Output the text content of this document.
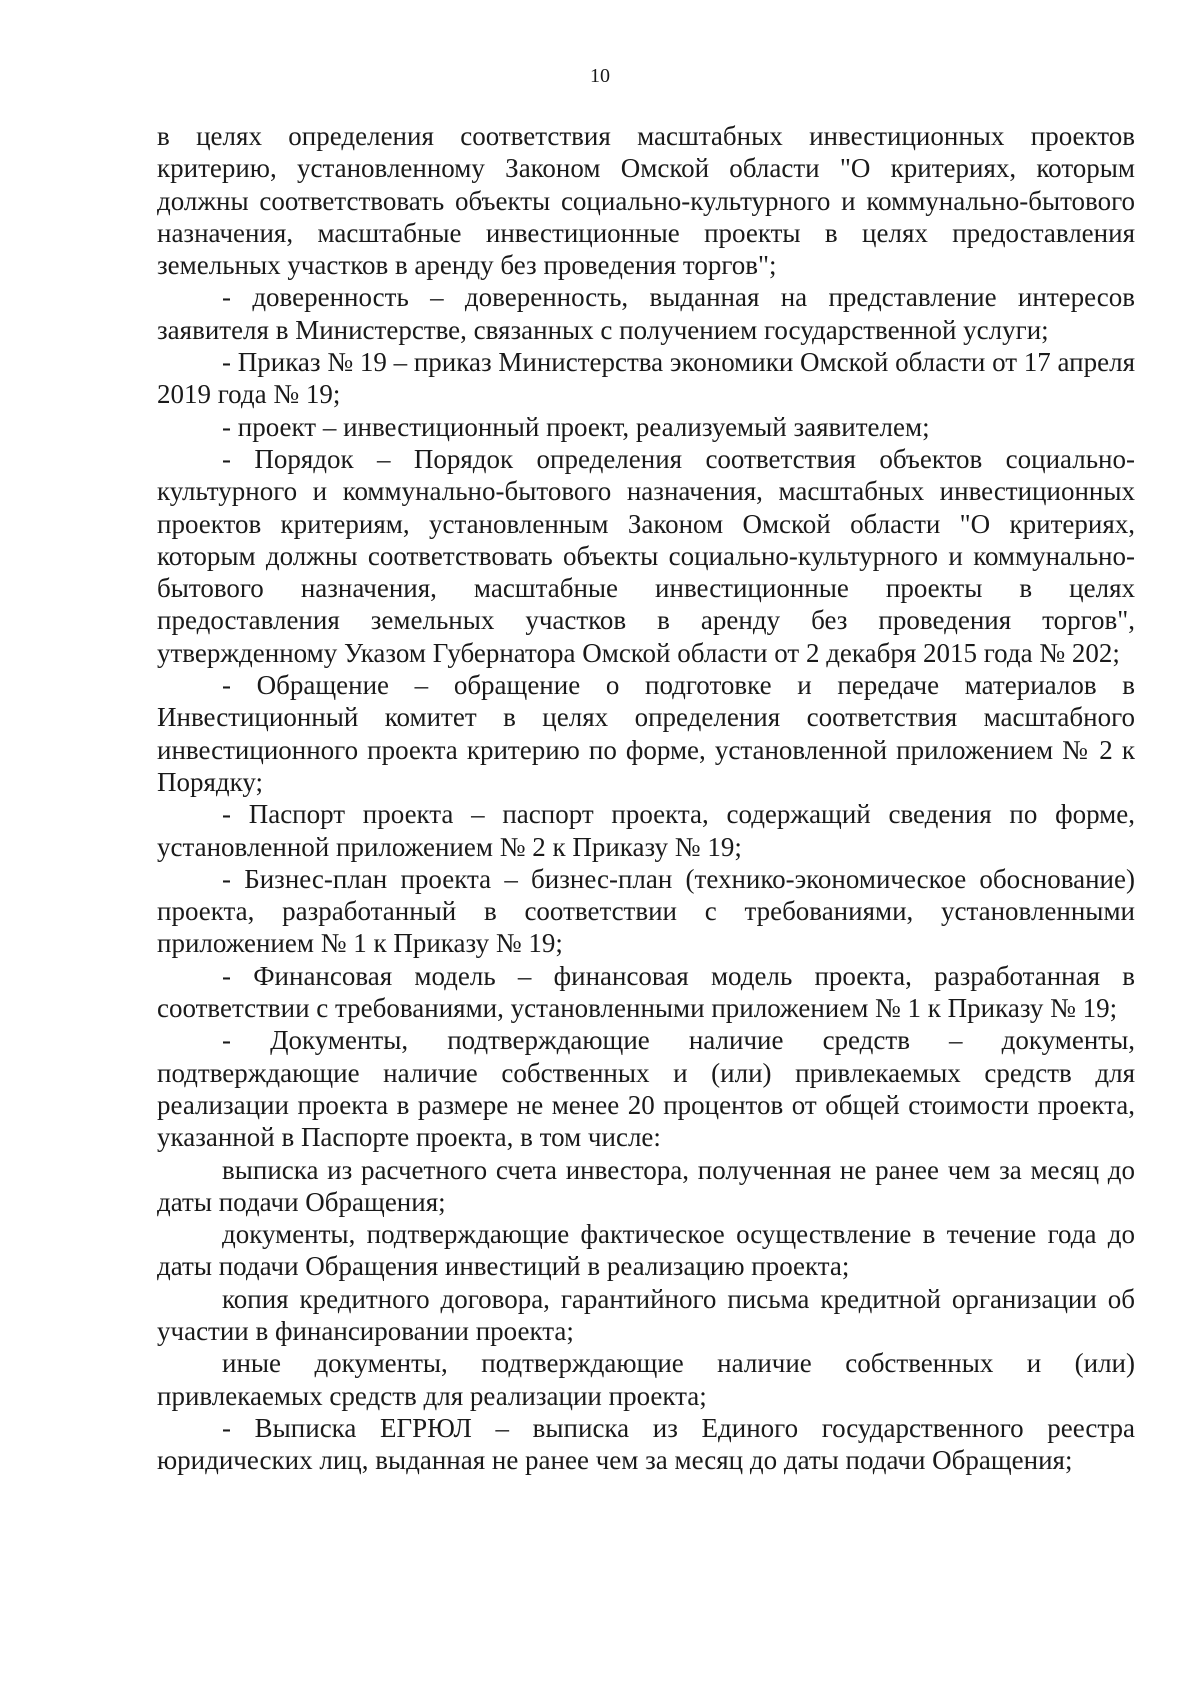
10

в целях определения соответствия масштабных инвестиционных проектов критерию, установленному Законом Омской области "О критериях, которым должны соответствовать объекты социально-культурного и коммунально-бытового назначения, масштабные инвестиционные проекты в целях предоставления земельных участков в аренду без проведения торгов";

- доверенность – доверенность, выданная на представление интересов заявителя в Министерстве, связанных с получением государственной услуги;

- Приказ № 19 – приказ Министерства экономики Омской области от 17 апреля 2019 года № 19;

- проект – инвестиционный проект, реализуемый заявителем;

- Порядок – Порядок определения соответствия объектов социально-культурного и коммунально-бытового назначения, масштабных инвестиционных проектов критериям, установленным Законом Омской области "О критериях, которым должны соответствовать объекты социально-культурного и коммунально-бытового назначения, масштабные инвестиционные проекты в целях предоставления земельных участков в аренду без проведения торгов", утвержденному Указом Губернатора Омской области от 2 декабря 2015 года № 202;

- Обращение – обращение о подготовке и передаче материалов в Инвестиционный комитет в целях определения соответствия масштабного инвестиционного проекта критерию по форме, установленной приложением № 2 к Порядку;

- Паспорт проекта – паспорт проекта, содержащий сведения по форме, установленной приложением № 2 к Приказу № 19;

- Бизнес-план проекта – бизнес-план (технико-экономическое обоснование) проекта, разработанный в соответствии с требованиями, установленными приложением № 1 к Приказу № 19;

- Финансовая модель – финансовая модель проекта, разработанная в соответствии с требованиями, установленными приложением № 1 к Приказу № 19;

- Документы, подтверждающие наличие средств – документы, подтверждающие наличие собственных и (или) привлекаемых средств для реализации проекта в размере не менее 20 процентов от общей стоимости проекта, указанной в Паспорте проекта, в том числе:

выписка из расчетного счета инвестора, полученная не ранее чем за месяц до даты подачи Обращения;

документы, подтверждающие фактическое осуществление в течение года до даты подачи Обращения инвестиций в реализацию проекта;

копия кредитного договора, гарантийного письма кредитной организации об участии в финансировании проекта;

иные документы, подтверждающие наличие собственных и (или) привлекаемых средств для реализации проекта;

- Выписка ЕГРЮЛ – выписка из Единого государственного реестра юридических лиц, выданная не ранее чем за месяц до даты подачи Обращения;
